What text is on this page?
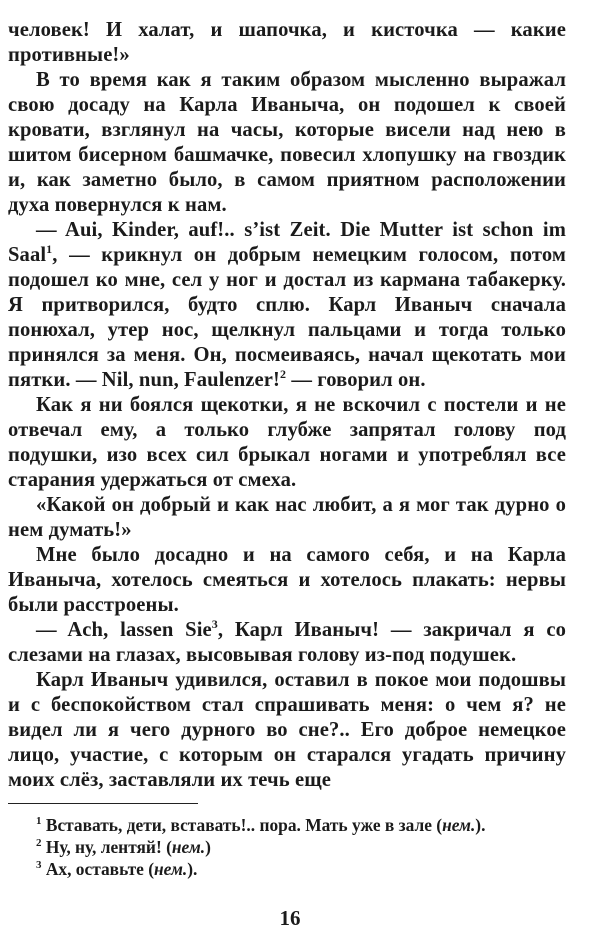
человек! И халат, и шапочка, и кисточка — какие противные!»

В то время как я таким образом мысленно выражал свою досаду на Карла Иваныча, он подошел к своей кровати, взглянул на часы, которые висели над нею в шитом бисерном башмачке, повесил хлопушку на гвоздик и, как заметно было, в самом приятном расположении духа повернулся к нам.

— Aui, Kinder, auf!.. s’ist Zeit. Die Mutter ist schon im Saal$^1$, — крикнул он добрым немецким голосом, потом подошел ко мне, сел у ног и достал из кармана табакерку. Я притворился, будто сплю. Карл Иваныч сначала понюхал, утер нос, щелкнул пальцами и тогда только принялся за меня. Он, посмеиваясь, начал щекотать мои пятки. — Nil, nun, Faulenzer!$^2$ — говорил он.

Как я ни боялся щекотки, я не вскочил с постели и не отвечал ему, а только глубже запрятал голову под подушки, изо всех сил брыкал ногами и употреблял все старания удержаться от смеха.

«Какой он добрый и как нас любит, а я мог так дурно о нем думать!»

Мне было досадно и на самого себя, и на Карла Иваныча, хотелось смеяться и хотелось плакать: нервы были расстроены.

— Ach, lassen Sie$^3$, Карл Иваныч! — закричал я со слезами на глазах, высовывая голову из-под подушек.

Карл Иваныч удивился, оставил в покое мои подошвы и с беспокойством стал спрашивать меня: о чем я? не видел ли я чего дурного во сне?.. Его доброе немецкое лицо, участие, с которым он старался угадать причину моих слёз, заставляли их течь еще

$^1$ Вставать, дети, вставать!.. пора. Мать уже в зале (нем.).

$^2$ Ну, ну, лентяй! (нем.)

$^3$ Ах, оставьте (нем.).

16
